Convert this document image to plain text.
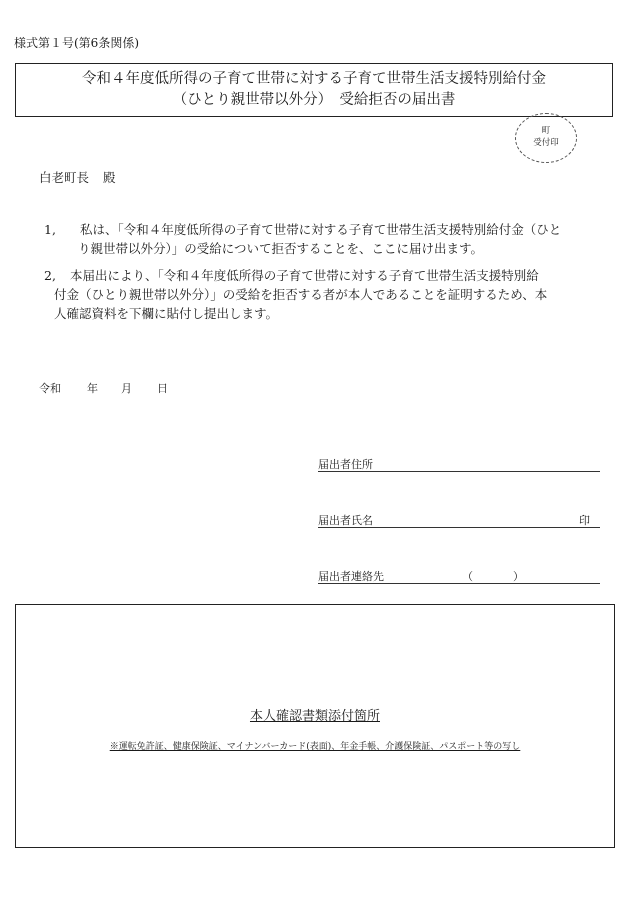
様式第１号(第6条関係)
令和４年度低所得の子育て世帯に対する子育て世帯生活支援特別給付金
（ひとり親世帯以外分）　受給拒否の届出書
町
受付印
白老町長 殿
1,	私は、「令和４年度低所得の子育て世帯に対する子育て世帯生活支援特別給付金（ひと
り親世帯以外分）」の受給について拒否することを、ここに届け出ます。
2,	本届出により、「令和４年度低所得の子育て世帯に対する子育て世帯生活支援特別給
付金（ひとり親世帯以外分）」の受給を拒否する者が本人であることを証明するため、本
人確認資料を下欄に貼付し提出します。
令和 年 月 日
届出者住所
届出者氏名	印
届出者連絡先	（	）
本人確認書類添付箇所
※運転免許証、健康保険証、マイナンバーカード(表面)、年金手帳、介護保険証、パスポート等の写し
